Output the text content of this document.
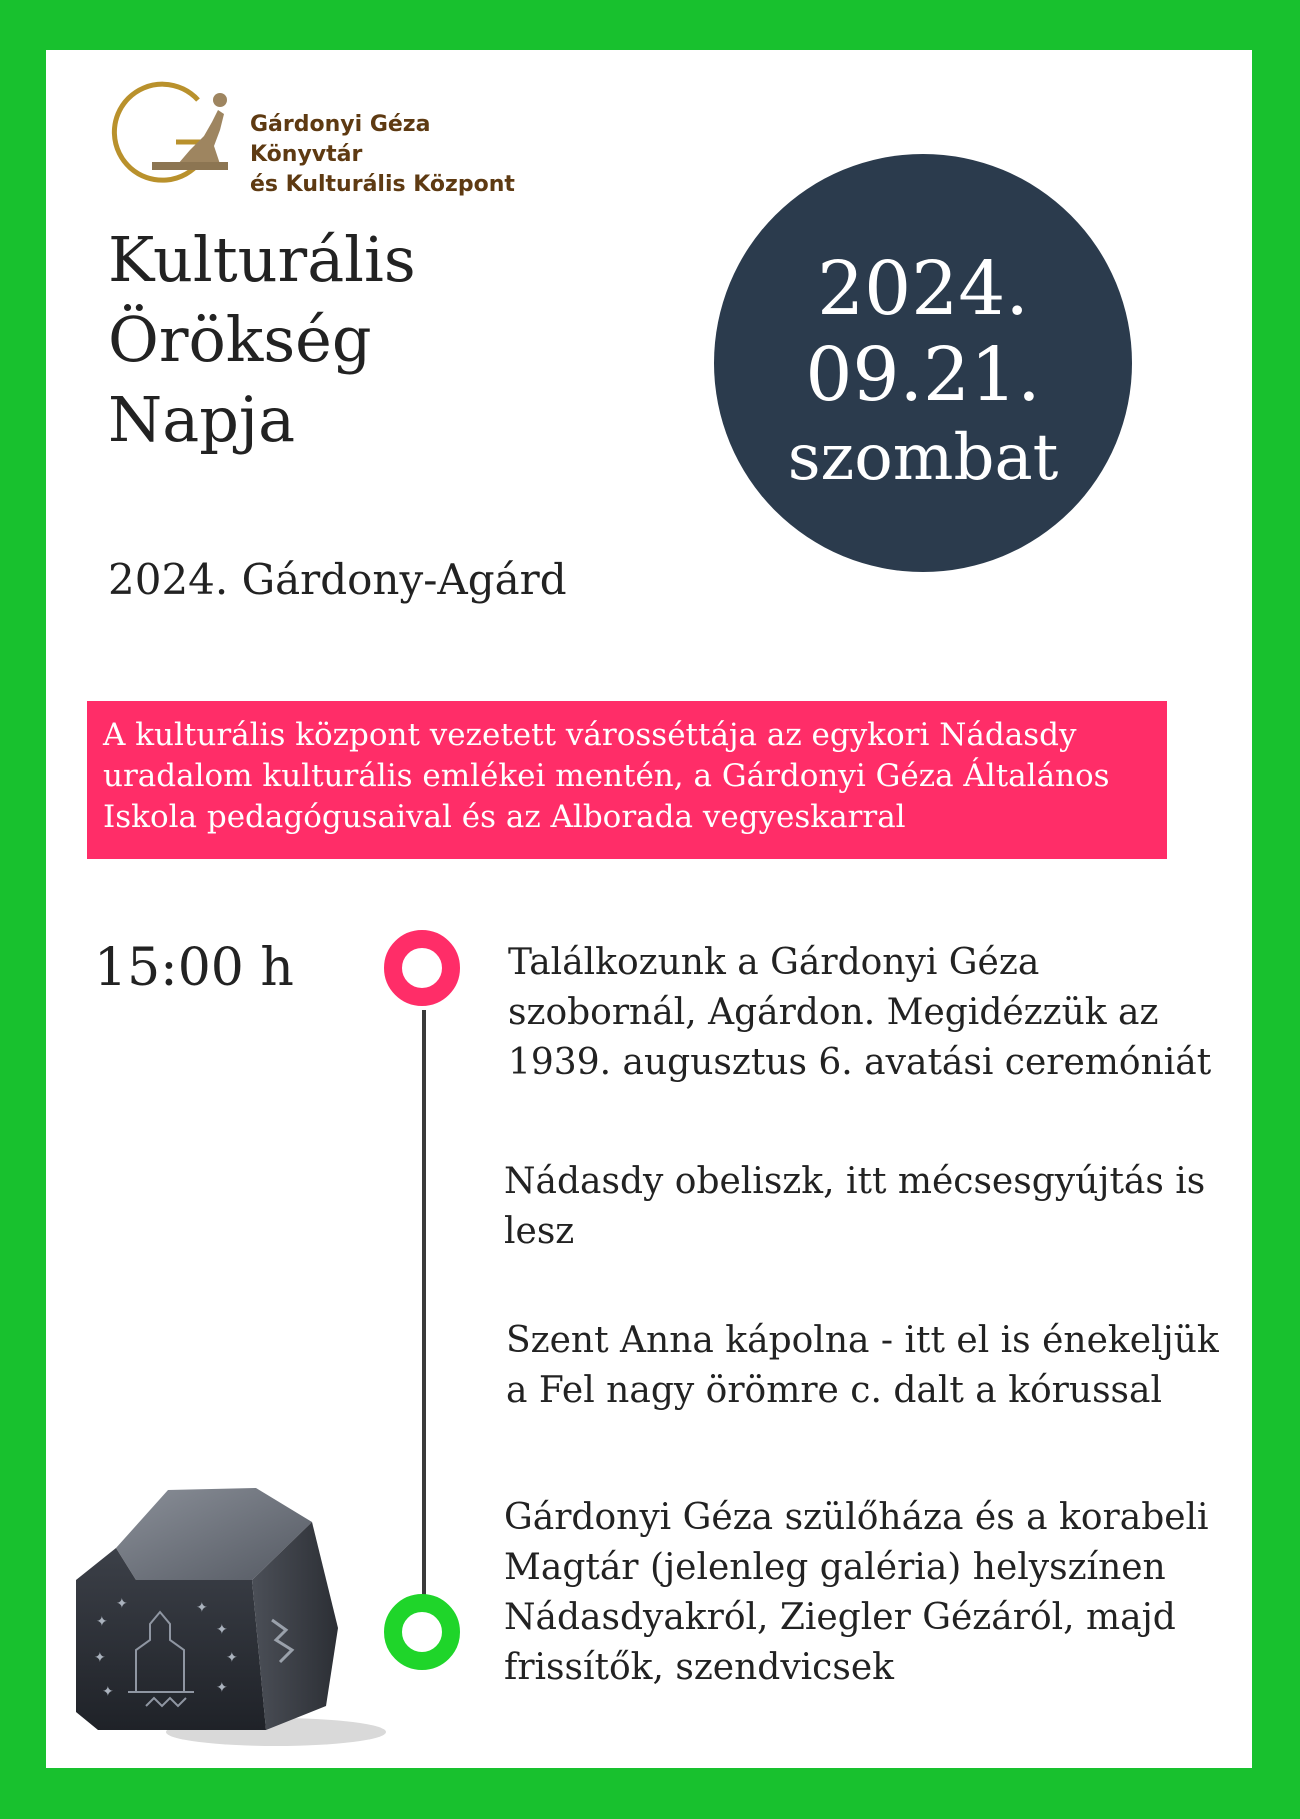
Gárdonyi Géza Könyvtár
és Kulturális Központ
Kulturális
Örökség
Napja
2024.
09.21.
szombat
2024. Gárdony-Agárd
A kulturális központ vezetett városséttája az egykori Nádasdy uradalom kulturális emlékei mentén, a Gárdonyi Géza Általános Iskola pedagógusaival és az Alborada vegyeskarral
15:00 h	Találkozunk a Gárdonyi Géza szobornál, Agárdon. Megidézzük az 1939. augusztus 6. avatási ceremóniát
Nádasdy obeliszk, itt mécsesgyújtás is lesz
Szent Anna kápolna - itt el is énekeljük a Fel nagy örömre c. dalt a kórussal
Gárdonyi Géza szülőháza és a korabeli Magtár (jelenleg galéria) helyszínen Nádasdyakról, Ziegler Gézáról, majd frissítők, szendvicsek
✦
✦	✦
✦
✦
✦
✦
✦
